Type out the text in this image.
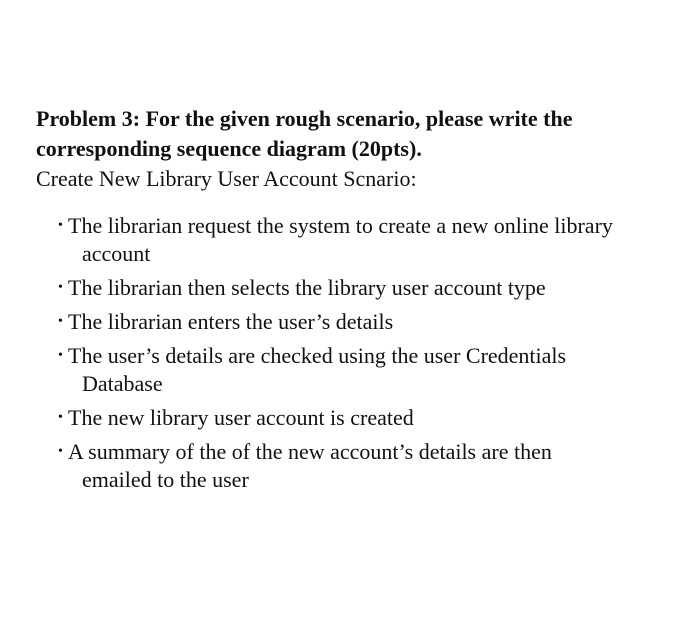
Problem 3: For the given rough scenario, please write the
corresponding sequence diagram (20pts).

Create New Library User Account Scnario:

• The librarian request the system to create a new online library
account
• The librarian then selects the library user account type
• The librarian enters the user’s details
• The user’s details are checked using the user Credentials
Database
• The new library user account is created
• A summary of the of the new account’s details are then
emailed to the user
